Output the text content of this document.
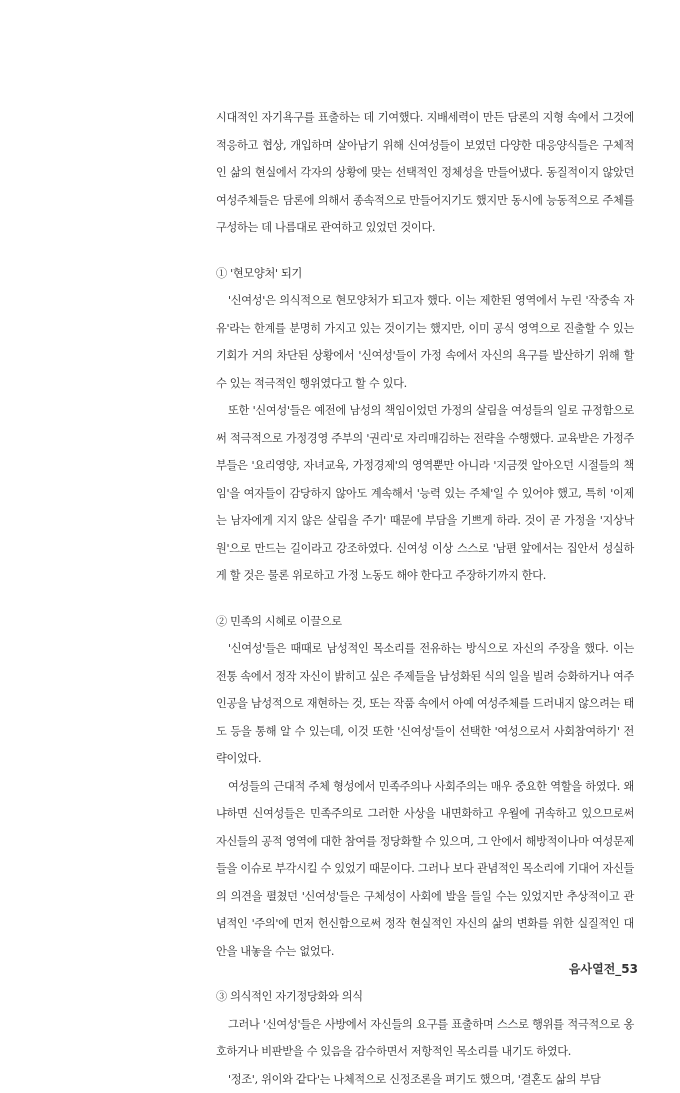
시대적인 자기욕구를 표출하는 데 기여했다. 지배세력이 만든 담론의 지형 속에서 그것에 적응하고 협상, 개입하며 살아남기 위해 신여성들이 보였던 다양한 대응양식들은 구체적인 삶의 현실에서 각자의 상황에 맞는 선택적인 정체성을 만들어냈다. 동질적이지 않았던 여성주체들은 담론에 의해서 종속적으로 만들어지기도 했지만 동시에 능동적으로 주체를 구성하는 데 나름대로 관여하고 있었던 것이다.

① '현모양처' 되기

'신여성'은 의식적으로 현모양처가 되고자 했다. 이는 제한된 영역에서 누린 '작중속 자유'라는 한계를 분명히 가지고 있는 것이기는 했지만, 이미 공식 영역으로 진출할 수 있는 기회가 거의 차단된 상황에서 '신여성'들이 가정 속에서 자신의 욕구를 발산하기 위해 할 수 있는 적극적인 행위였다고 할 수 있다.

또한 '신여성'들은 예전에 남성의 책임이었던 가정의 살림을 여성들의 일로 규정함으로써 적극적으로 가정경영 주부의 '권리'로 자리매김하는 전략을 수행했다. 교육받은 가정주부들은 '요리영양, 자녀교육, 가정경제'의 영역뿐만 아니라 '지금껏 알아오던 시절들의 책임'을 여자들이 감당하지 않아도 계속해서 '능력 있는 주체'일 수 있어야 했고, 특히 '이제는 남자에게 지지 않은 살림을 주기' 때문에 부담을 기쁘게 하라. 것이 곧 가정을 '지상낙원'으로 만드는 길이라고 강조하였다. 신여성 이상 스스로 '남편 앞에서는 집안서 성실하게 할 것은 물론 위로하고 가정 노동도 해야 한다고 주장하기까지 한다.

② 민족의 시혜로 이끌으로

'신여성'들은 때때로 남성적인 목소리를 전유하는 방식으로 자신의 주장을 했다. 이는 전통 속에서 정작 자신이 밝히고 싶은 주제들을 남성화된 식의 일을 빌려 승화하거나 여주인공을 남성적으로 재현하는 것, 또는 작품 속에서 아예 여성주체를 드러내지 않으려는 태도 등을 통해 알 수 있는데, 이것 또한 '신여성'들이 선택한 '여성으로서 사회참여하기' 전략이었다.

여성들의 근대적 주체 형성에서 민족주의나 사회주의는 매우 중요한 역할을 하였다. 왜냐하면 신여성들은 민족주의로 그러한 사상을 내면화하고 우월에 귀속하고 있으므로써 자신들의 공적 영역에 대한 참여를 정당화할 수 있으며, 그 안에서 해방적이나마 여성문제들을 이슈로 부각시킬 수 있었기 때문이다. 그러나 보다 관념적인 목소리에 기대어 자신들의 의견을 펼쳤던 '신여성'들은 구체성이 사회에 발을 들일 수는 있었지만 추상적이고 관념적인 '주의'에 먼저 헌신함으로써 정작 현실적인 자신의 삶의 변화를 위한 실질적인 대안을 내놓을 수는 없었다.

③ 의식적인 자기정당화와 의식

그러나 '신여성'들은 사방에서 자신들의 요구를 표출하며 스스로 행위를 적극적으로 옹호하거나 비판받을 수 있음을 감수하면서 저항적인 목소리를 내기도 하였다.

'정조', 위이와 같다'는 나체적으로 신정조론을 펴기도 했으며, '결혼도 삶의 부담

음사열전_53
